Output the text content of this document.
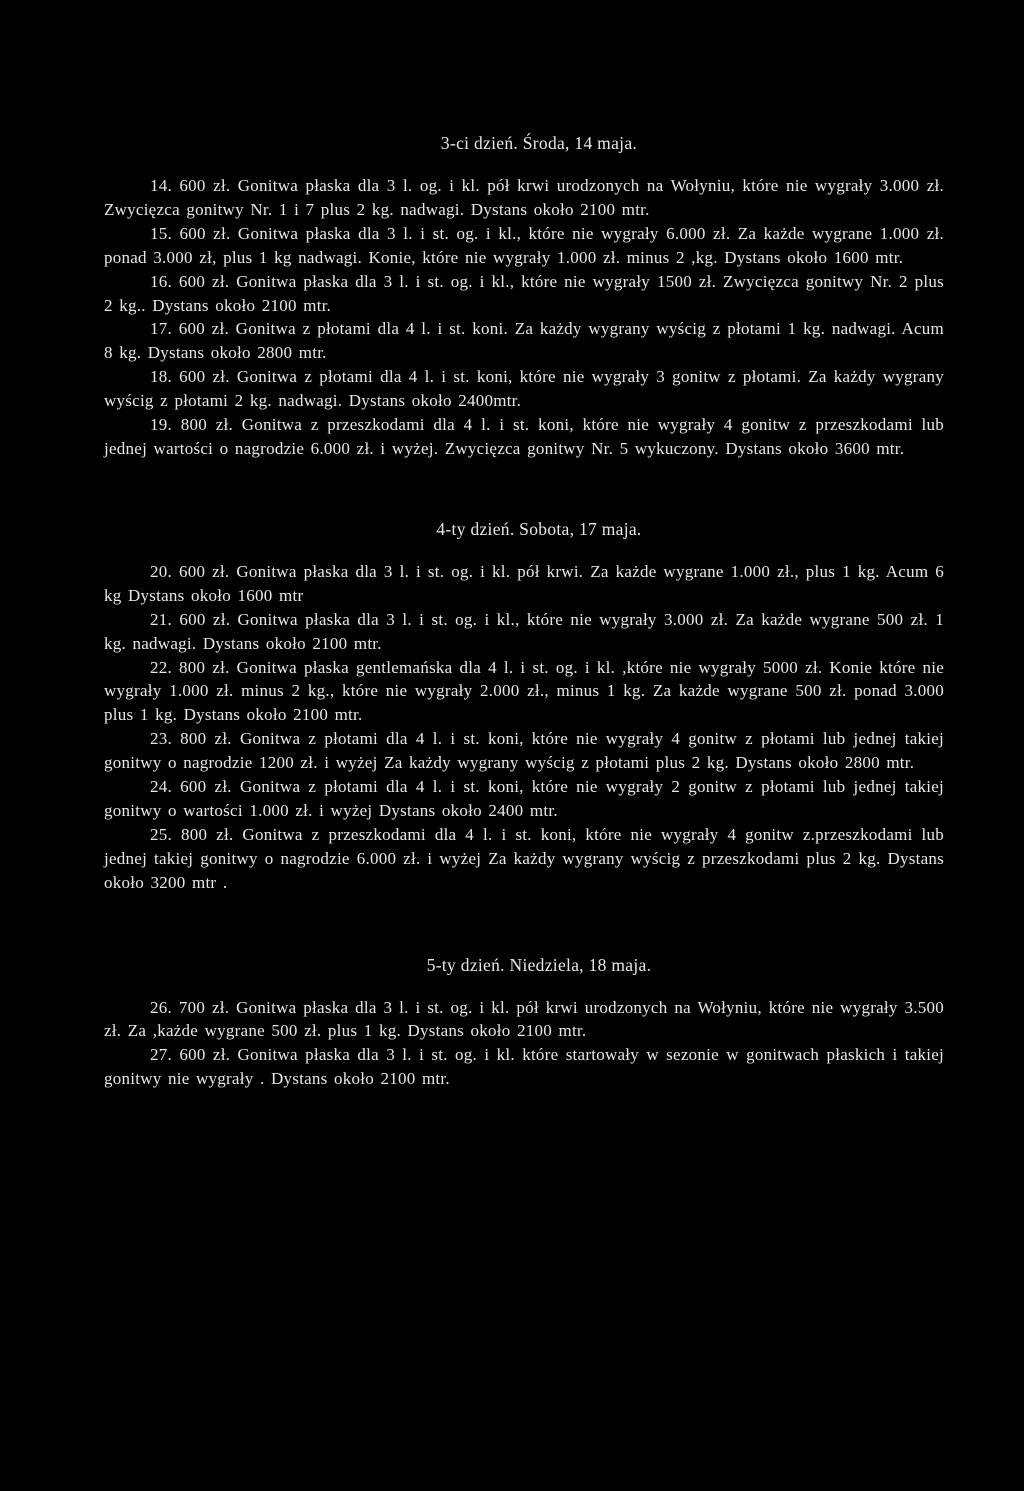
3-ci dzień. Środa, 14 maja.

14. 600 zł. Gonitwa płaska dla 3 l. og. i kl. pół krwi urodzonych na Wołyniu, które nie wygrały 3.000 zł. Zwycięzca gonitwy Nr. 1 i 7 plus 2 kg. nadwagi. Dystans około 2100 mtr.

15. 600 zł. Gonitwa płaska dla 3 l. i st. og. i kl., które nie wygrały 6.000 zł. Za każde wygrane 1.000 zł. ponad 3.000 zł, plus 1 kg nadwagi. Konie, które nie wygrały 1.000 zł. minus 2 ,kg. Dystans około 1600 mtr.

16. 600 zł. Gonitwa płaska dla 3 l. i st. og. i kl., które nie wygrały 1500 zł. Zwycięzca gonitwy Nr. 2 plus 2 kg.. Dystans około 2100 mtr.

17. 600 zł. Gonitwa z płotami dla 4 l. i st. koni. Za każdy wygrany wyścig z płotami 1 kg. nadwagi. Acum 8 kg. Dystans około 2800 mtr.

18. 600 zł. Gonitwa z płotami dla 4 l. i st. koni, które nie wygrały 3 gonitw z płotami. Za każdy wygrany wyścig z płotami 2 kg. nadwagi. Dystans około 2400mtr.

19. 800 zł. Gonitwa z przeszkodami dla 4 l. i st. koni, które nie wygrały 4 gonitw z przeszkodami lub jednej wartości o nagrodzie 6.000 zł. i wyżej. Zwycięzca gonitwy Nr. 5 wykuczony. Dystans około 3600 mtr.

4-ty dzień. Sobota, 17 maja.

20. 600 zł. Gonitwa płaska dla 3 l. i st. og. i kl. pół krwi. Za każde wygrane 1.000 zł., plus 1 kg. Acum 6 kg Dystans około 1600 mtr

21. 600 zł. Gonitwa płaska dla 3 l. i st. og. i kl., które nie wygrały 3.000 zł. Za każde wygrane 500 zł. 1 kg. nadwagi. Dystans około 2100 mtr.

22. 800 zł. Gonitwa płaska gentlemańska dla 4 l. i st. og. i kl. ,które nie wygrały 5000 zł. Konie które nie wygrały 1.000 zł. minus 2 kg., które nie wygrały 2.000 zł., minus 1 kg. Za każde wygrane 500 zł. ponad 3.000 plus 1 kg. Dystans około 2100 mtr.

23. 800 zł. Gonitwa z płotami dla 4 l. i st. koni, które nie wygrały 4 gonitw z płotami lub jednej takiej gonitwy o nagrodzie 1200 zł. i wyżej Za każdy wygrany wyścig z płotami plus 2 kg. Dystans około 2800 mtr.

24. 600 zł. Gonitwa z płotami dla 4 l. i st. koni, które nie wygrały 2 gonitw z płotami lub jednej takiej gonitwy o wartości 1.000 zł. i wyżej Dystans około 2400 mtr.

25. 800 zł. Gonitwa z przeszkodami dla 4 l. i st. koni, które nie wygrały 4 gonitw z.przeszkodami lub jednej takiej gonitwy o nagrodzie 6.000 zł. i wyżej Za każdy wygrany wyścig z przeszkodami plus 2 kg. Dystans około 3200 mtr .

5-ty dzień. Niedziela, 18 maja.

26. 700 zł. Gonitwa płaska dla 3 l. i st. og. i kl. pół krwi urodzonych na Wołyniu, które nie wygrały 3.500 zł. Za ,każde wygrane 500 zł. plus 1 kg. Dystans około 2100 mtr.

27. 600 zł. Gonitwa płaska dla 3 l. i st. og. i kl. które startowały w sezonie w gonitwach płaskich i takiej gonitwy nie wygrały . Dystans około 2100 mtr.
